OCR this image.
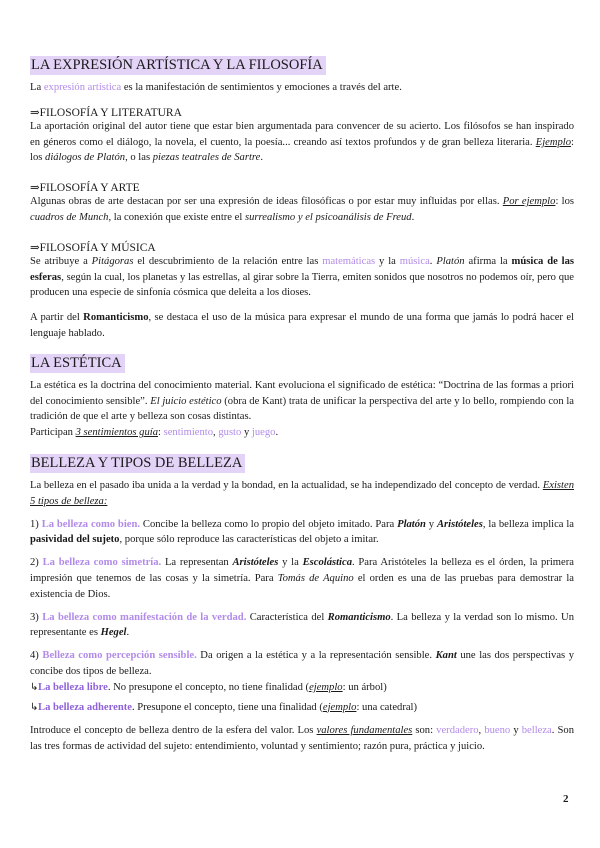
LA EXPRESIÓN ARTÍSTICA Y LA FILOSOFÍA

La expresión artística es la manifestación de sentimientos y emociones a través del arte.

⇒FILOSOFÍA Y LITERATURA

La aportación original del autor tiene que estar bien argumentada para convencer de su acierto. Los filósofos se han inspirado en géneros como el diálogo, la novela, el cuento, la poesía... creando así textos profundos y de gran belleza literaria. Ejemplo: los diálogos de Platón, o las piezas teatrales de Sartre.

⇒FILOSOFÍA Y ARTE

Algunas obras de arte destacan por ser una expresión de ideas filosóficas o por estar muy influidas por ellas. Por ejemplo: los cuadros de Munch, la conexión que existe entre el surrealismo y el psicoanálisis de Freud.

⇒FILOSOFÍA Y MÚSICA

Se atribuye a Pitágoras el descubrimiento de la relación entre las matemáticas y la música. Platón afirma la música de las esferas, según la cual, los planetas y las estrellas, al girar sobre la Tierra, emiten sonidos que nosotros no podemos oír, pero que producen una especie de sinfonía cósmica que deleita a los dioses.

A partir del Romanticismo, se destaca el uso de la música para expresar el mundo de una forma que jamás lo podrá hacer el lenguaje hablado.

LA ESTÉTICA

La estética es la doctrina del conocimiento material. Kant evoluciona el significado de estética: “Doctrina de las formas a priori del conocimiento sensible”. El juicio estético (obra de Kant) trata de unificar la perspectiva del arte y lo bello, rompiendo con la tradición de que el arte y belleza son cosas distintas.
Participan 3 sentimientos guía: sentimiento, gusto y juego.

BELLEZA Y TIPOS DE BELLEZA

La belleza en el pasado iba unida a la verdad y la bondad, en la actualidad, se ha independizado del concepto de verdad. Existen 5 tipos de belleza:

1) La belleza como bien. Concibe la belleza como lo propio del objeto imitado. Para Platón y Aristóteles, la belleza implica la pasividad del sujeto, porque sólo reproduce las características del objeto a imitar.

2) La belleza como simetría. La representan Aristóteles y la Escolástica. Para Aristóteles la belleza es el órden, la primera impresión que tenemos de las cosas y la simetría. Para Tomás de Aquino el orden es una de las pruebas para demostrar la existencia de Dios.

3) La belleza como manifestación de la verdad. Característica del Romanticismo. La belleza y la verdad son lo mismo. Un representante es Hegel.

4) Belleza como percepción sensible. Da origen a la estética y a la representación sensible. Kant une las dos perspectivas y concibe dos tipos de belleza.

↳ La belleza libre. No presupone el concepto, no tiene finalidad (ejemplo: un árbol)

↳ La belleza adherente. Presupone el concepto, tiene una finalidad (ejemplo: una catedral)

Introduce el concepto de belleza dentro de la esfera del valor. Los valores fundamentales son: verdadero, bueno y belleza. Son las tres formas de actividad del sujeto: entendimiento, voluntad y sentimiento; razón pura, práctica y juicio.

2
